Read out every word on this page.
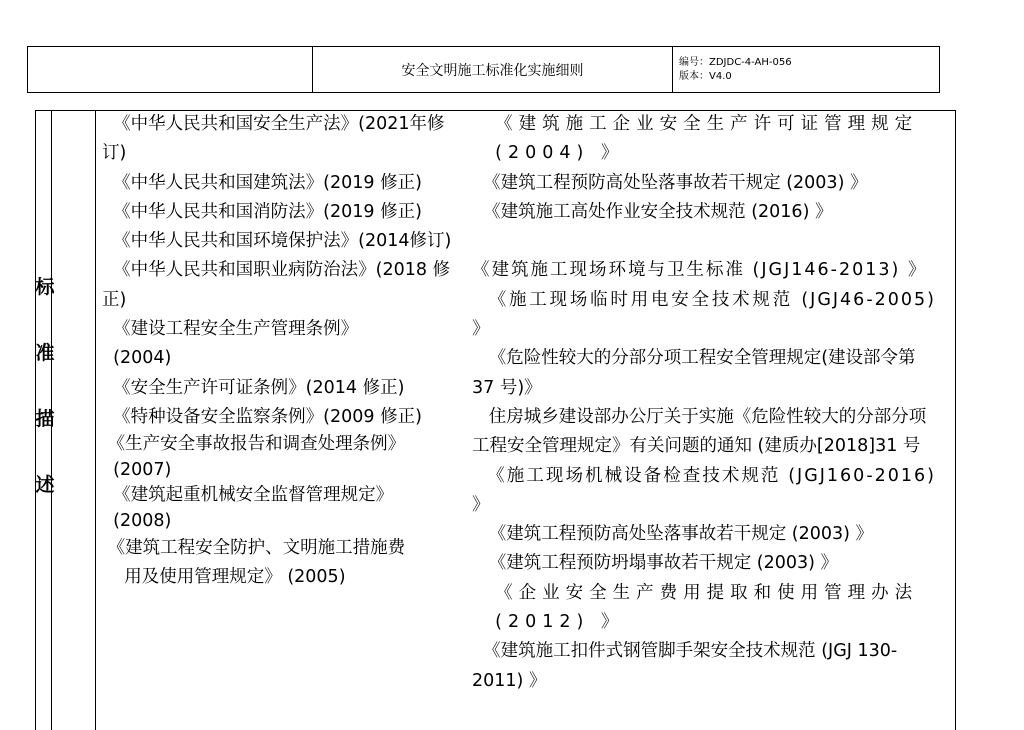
安全文明施工标准化实施细则	编号：ZDJDC-4-AH-056
版本：V4.0
标
准
描
述
《中华人民共和国安全生产法》(2021年修订)
《中华人民共和国建筑法》(2019 修正)
《中华人民共和国消防法》(2019 修正)
《中华人民共和国环境保护法》(2014修订)
《中华人民共和国职业病防治法》(2018 修正)
《建设工程安全生产管理条例》
(2004)
《安全生产许可证条例》(2014 修正)
《特种设备安全监察条例》(2009 修正)
《生产安全事故报告和调查处理条例》
(2007)
《建筑起重机械安全监督管理规定》
(2008)
《建筑工程安全防护、文明施工措施费
用及使用管理规定》 (2005)
《建筑施工企业安全生产许可证管理规定
(2004) 》
《建筑工程预防高处坠落事故若干规定 (2003) 》
《建筑施工高处作业安全技术规范 (2016) 》
《建筑施工现场环境与卫生标准 (JGJ146-2013) 》
《施工现场临时用电安全技术规范 (JGJ46-2005) 》
《危险性较大的分部分项工程安全管理规定(建设部令第 37 号)》
住房城乡建设部办公厅关于实施《危险性较大的分部分项工程安全管理规定》有关问题的通知 (建质办[2018]31 号
《施工现场机械设备检查技术规范 (JGJ160-2016) 》
《建筑工程预防高处坠落事故若干规定 (2003) 》
《建筑工程预防坍塌事故若干规定 (2003) 》
《企业安全生产费用提取和使用管理办法
(2012) 》
《建筑施工扣件式钢管脚手架安全技术规范 (JGJ 130-2011) 》
